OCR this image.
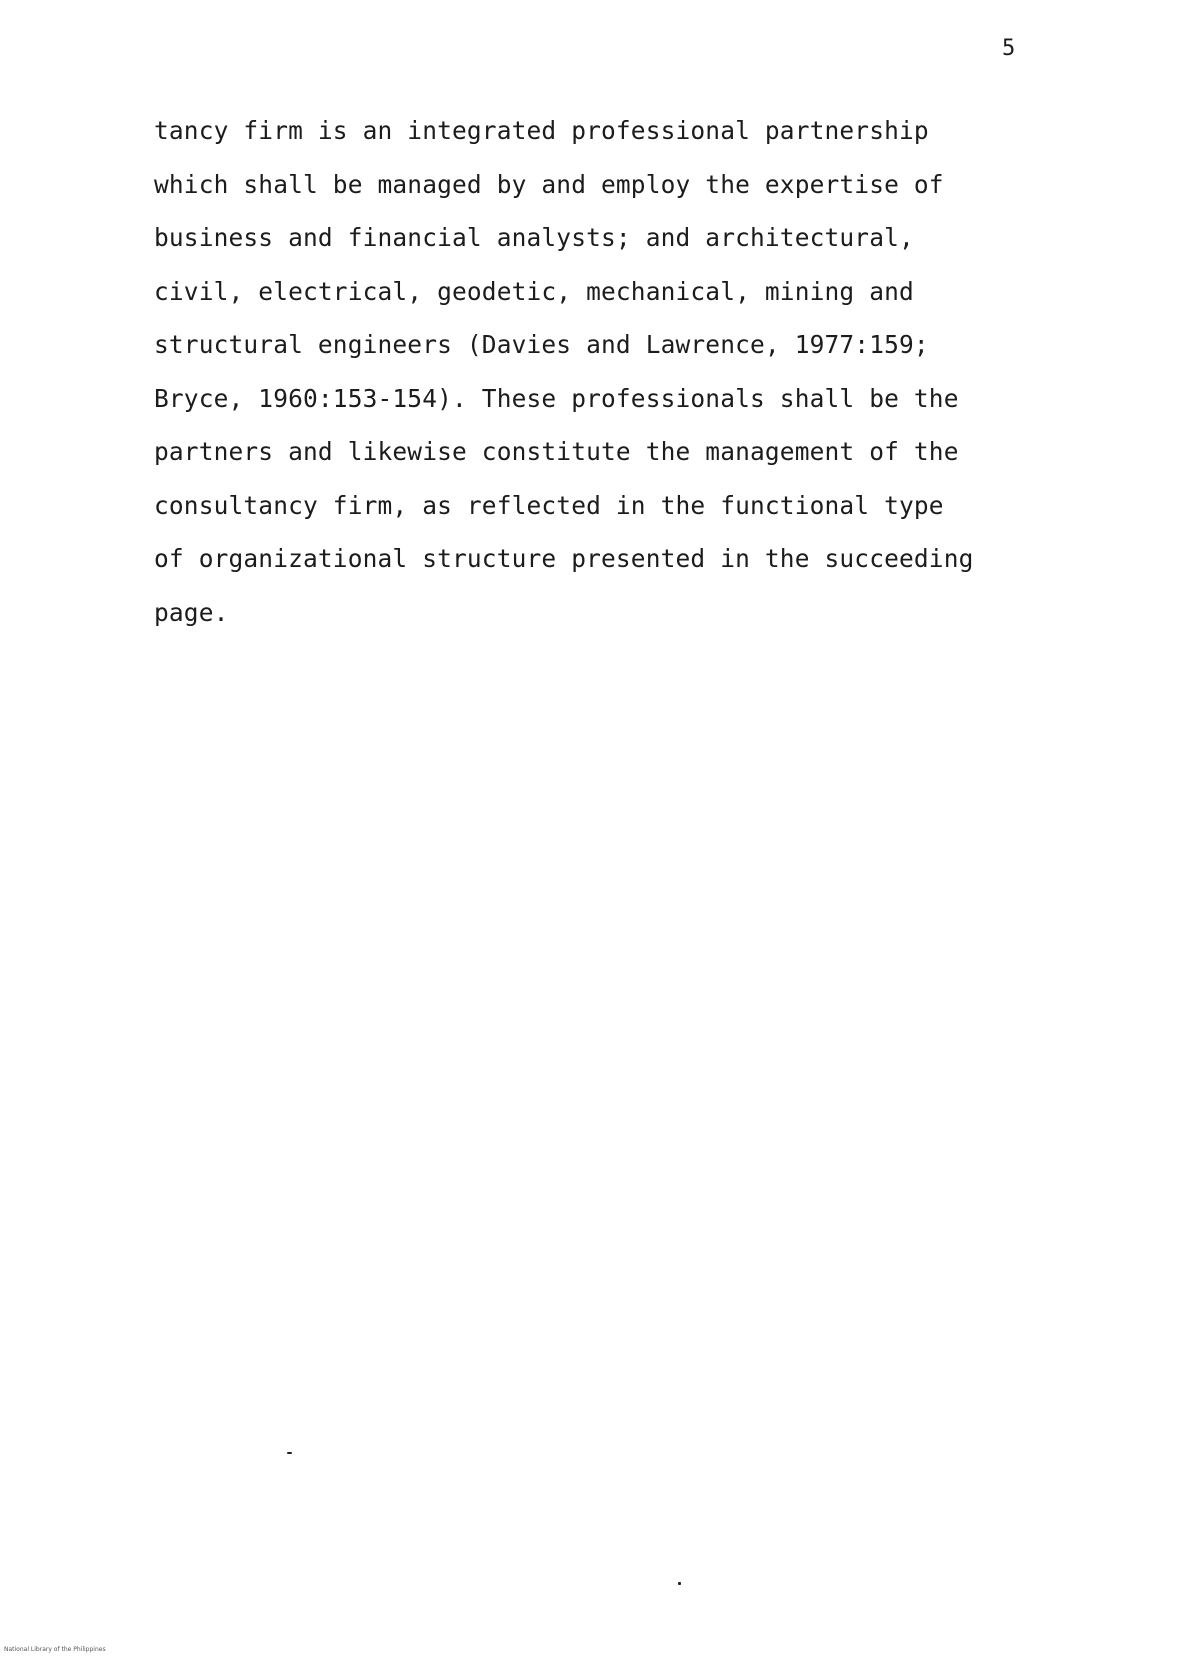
5
tancy firm is an integrated professional partnership
which shall be managed by and employ the expertise of
business and financial analysts; and architectural,
civil, electrical, geodetic, mechanical, mining and
structural engineers (Davies and Lawrence, 1977:159;
Bryce, 1960:153-154). These professionals shall be the
partners and likewise constitute the management of the
consultancy firm, as reflected in the functional type
of organizational structure presented in the succeeding
page.
National Library of the Philippines
